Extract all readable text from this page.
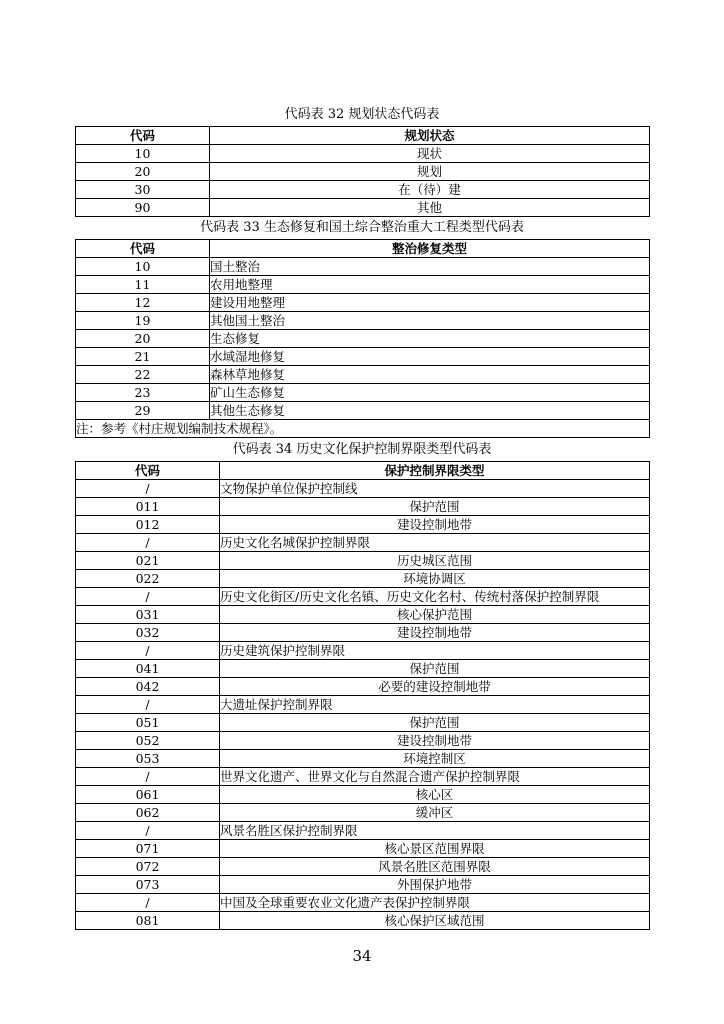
代码表 32 规划状态代码表
代码	规划状态
10	现状
20	规划
30	在（待）建
90	其他
代码表 33 生态修复和国土综合整治重大工程类型代码表
代码	整治修复类型
10	国土整治
11	农用地整理
12	建设用地整理
19	其他国土整治
20	生态修复
21	水域湿地修复
22	森林草地修复
23	矿山生态修复
29	其他生态修复
注：参考《村庄规划编制技术规程》。	
代码表 34 历史文化保护控制界限类型代码表
代码	保护控制界限类型
/	文物保护单位保护控制线
011	保护范围
012	建设控制地带
/	历史文化名城保护控制界限
021	历史城区范围
022	环境协调区
/	历史文化街区/历史文化名镇、历史文化名村、传统村落保护控制界限
031	核心保护范围
032	建设控制地带
/	历史建筑保护控制界限
041	保护范围
042	必要的建设控制地带
/	大遗址保护控制界限
051	保护范围
052	建设控制地带
053	环境控制区
/	世界文化遗产、世界文化与自然混合遗产保护控制界限
061	核心区
062	缓冲区
/	风景名胜区保护控制界限
071	核心景区范围界限
072	风景名胜区范围界限
073	外围保护地带
/	中国及全球重要农业文化遗产表保护控制界限
081	核心保护区域范围
34
